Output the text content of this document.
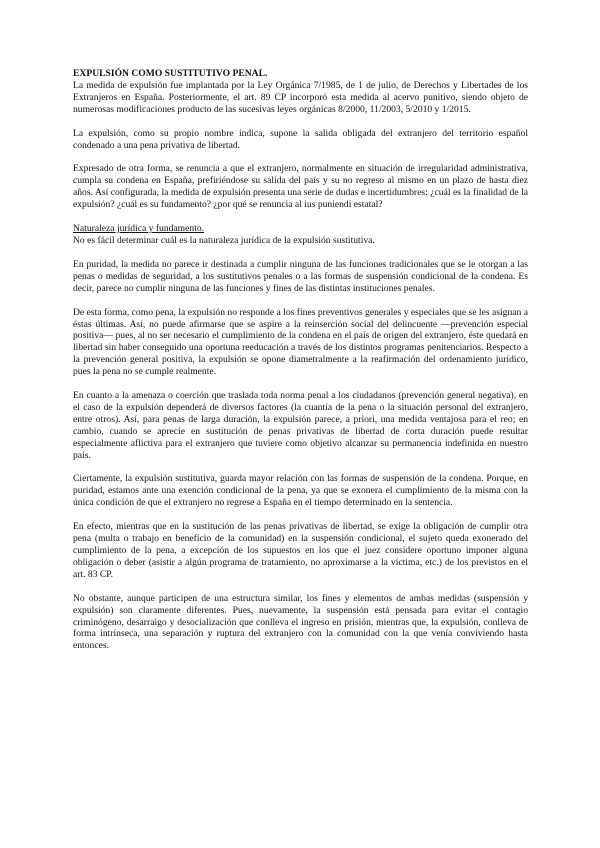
EXPULSIÓN COMO SUSTITUTIVO PENAL.

La medida de expulsión fue implantada por la Ley Orgánica 7/1985, de 1 de julio, de Derechos y Libertades de los Extranjeros en España. Posteriormente, el art. 89 CP incorporó esta medida al acervo punitivo, siendo objeto de numerosas modificaciones producto de las sucesivas leyes orgánicas 8/2000, 11/2003, 5/2010 y 1/2015.

La expulsión, como su propio nombre indica, supone la salida obligada del extranjero del territorio español condenado a una pena privativa de libertad.

Expresado de otra forma, se renuncia a que el extranjero, normalmente en situación de irregularidad administrativa, cumpla su condena en España, prefiriéndose su salida del país y su no regreso al mismo en un plazo de hasta diez años. Así configurada, la medida de expulsión presenta una serie de dudas e incertidumbres: ¿cuál es la finalidad de la expulsión? ¿cuál es su fundamento? ¿por qué se renuncia al ius puniendi estatal?

Naturaleza jurídica y fundamento.

No es fácil determinar cuál es la naturaleza jurídica de la expulsión sustitutiva.

En puridad, la medida no parece ir destinada a cumplir ninguna de las funciones tradicionales que se le otorgan a las penas o medidas de seguridad, a los sustitutivos penales o a las formas de suspensión condicional de la condena. Es decir, parece no cumplir ninguna de las funciones y fines de las distintas instituciones penales.

De esta forma, como pena, la expulsión no responde a los fines preventivos generales y especiales que se les asignan a éstas últimas. Así, no puede afirmarse que se aspire a la reinserción social del delincuente —prevención especial positiva— pues, al no ser necesario el cumplimiento de la condena en el país de origen del extranjero, éste quedará en libertad sin haber conseguido una oportuna reeducación a través de los distintos programas penitenciarios. Respecto a la prevención general positiva, la expulsión se opone diametralmente a la reafirmación del ordenamiento jurídico, pues la pena no se cumple realmente.

En cuanto a la amenaza o coerción que traslada toda norma penal a los ciudadanos (prevención general negativa), en el caso de la expulsión dependerá de diversos factores (la cuantía de la pena o la situación personal del extranjero, entre otros). Así, para penas de larga duración, la expulsión parece, a priori, una medida ventajosa para el reo; en cambio, cuando se aprecie en sustitución de penas privativas de libertad de corta duración puede resultar especialmente aflictiva para el extranjero que tuviere como objetivo alcanzar su permanencia indefinida en nuestro país.

Ciertamente, la expulsión sustitutiva, guarda mayor relación con las formas de suspensión de la condena. Porque, en puridad, estamos ante una exención condicional de la pena, ya que se exonera el cumplimiento de la misma con la única condición de que el extranjero no regrese a España en el tiempo determinado en la sentencia.

En efecto, mientras que en la sustitución de las penas privativas de libertad, se exige la obligación de cumplir otra pena (multa o trabajo en beneficio de la comunidad) en la suspensión condicional, el sujeto queda exonerado del cumplimiento de la pena, a excepción de los supuestos en los que el juez considere oportuno imponer alguna obligación o deber (asistir a algún programa de tratamiento, no aproximarse a la víctima, etc.) de los previstos en el art. 83 CP.

No obstante, aunque participen de una estructura similar, los fines y elementos de ambas medidas (suspensión y expulsión) son claramente diferentes. Pues, nuevamente, la suspensión está pensada para evitar el contagio criminógeno, desarraigo y desocialización que conlleva el ingreso en prisión, mientras que, la expulsión, conlleva de forma intrínseca, una separación y ruptura del extranjero con la comunidad con la que venía conviviendo hasta entonces.
